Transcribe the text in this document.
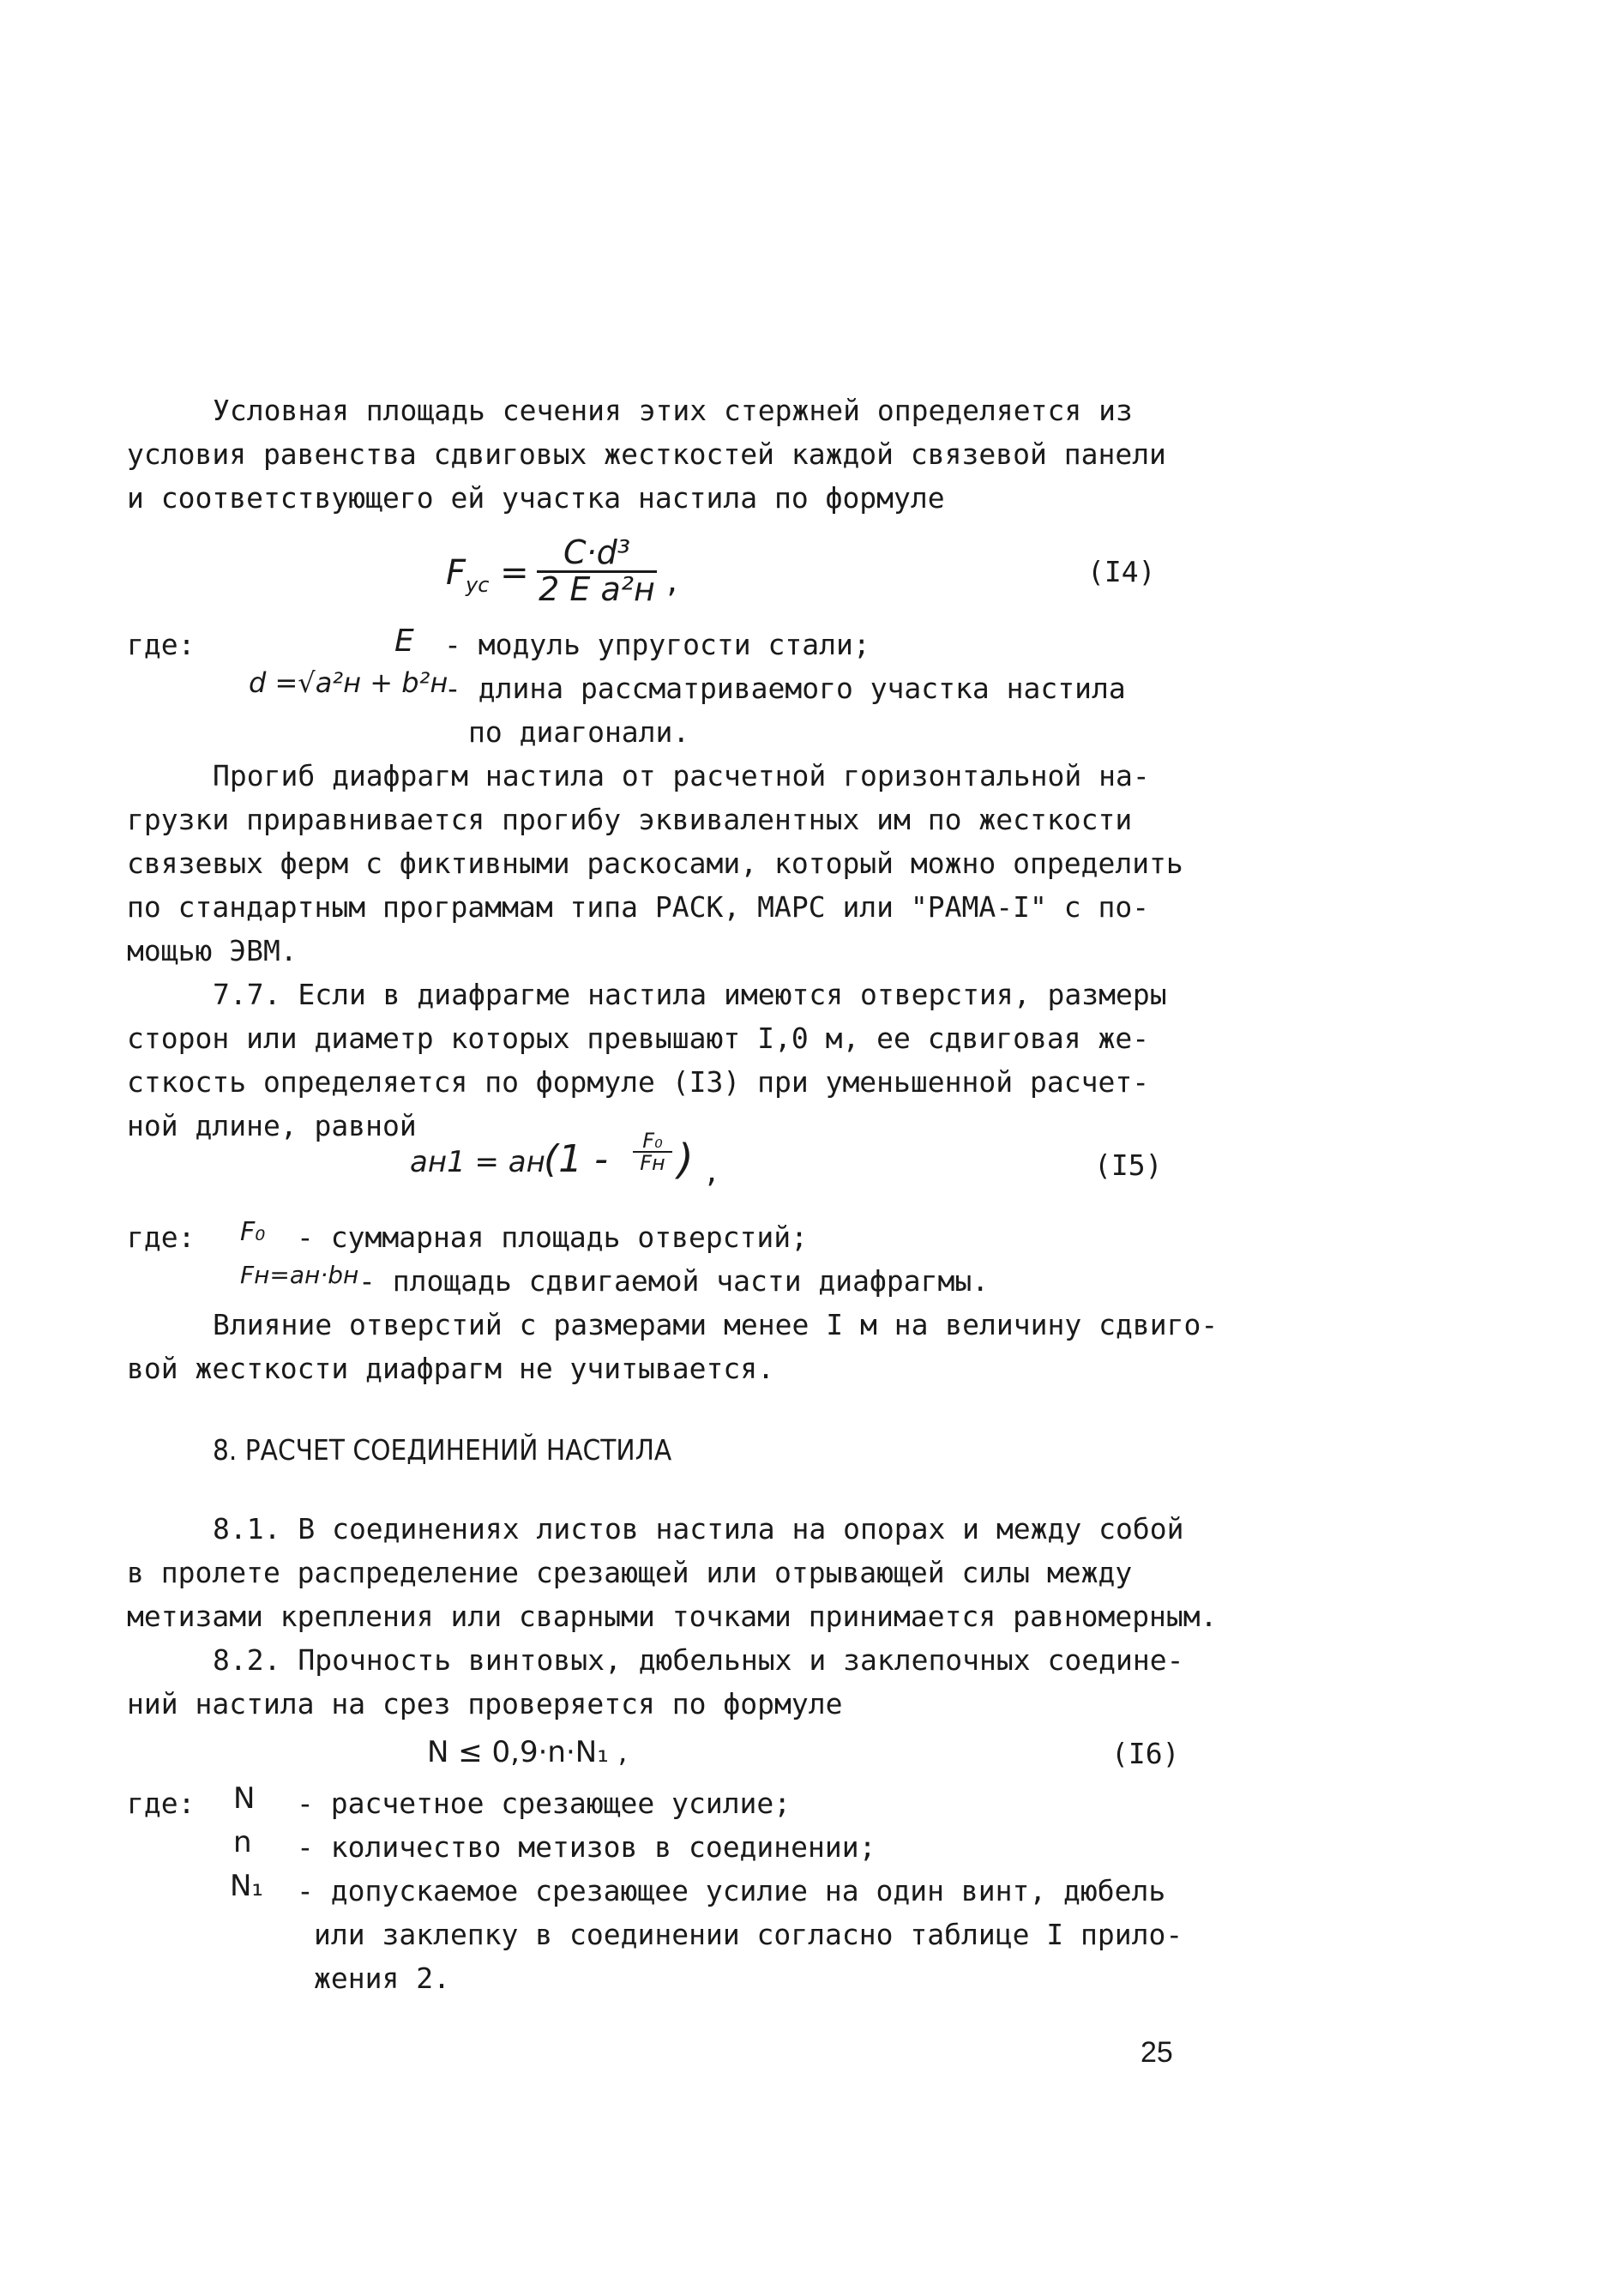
Условная площадь сечения этих стержней определяется из
условия равенства сдвиговых жесткостей каждой связевой панели
и соответствующего ей участка настила по формуле
$F_{ус}$ =
C·d³
2 E a²н ,	(I4)
где:	E - модуль упругости стали;
d =√a²н + b²н
- длина рассматриваемого участка настила
по диагонали.
Прогиб диафрагм настила от расчетной горизонтальной на-
грузки приравнивается прогибу эквивалентных им по жесткости
связевых ферм с фиктивными раскосами, который можно определить
по стандартным программам типа РАСК, МАРС или "РАМА-I" с по-
мощью ЭВМ.
7.7. Если в диафрагме настила имеются отверстия, размеры
сторон или диаметр которых превышают I,0 м, ее сдвиговая же-
сткость определяется по формуле (I3) при уменьшенной расчет-
ной длине, равной
aн1 = aн
(1 -	F₀
Fн ) ,	(I5)
где: F₀ - суммарная площадь отверстий;
Fн=aн·bн - площадь сдвигаемой части диафрагмы.
Влияние отверстий с размерами менее I м на величину сдвиго-
вой жесткости диафрагм не учитывается.
8. РАСЧЕТ СОЕДИНЕНИЙ НАСТИЛА
8.1. В соединениях листов настила на опорах и между собой
в пролете распределение срезающей или отрывающей силы между
метизами крепления или сварными точками принимается равномерным.
8.2. Прочность винтовых, дюбельных и заклепочных соедине-
ний настила на срез проверяется по формуле
N ≤ 0,9·n·N₁ ,	(I6)
где: N - расчетное срезающее усилие;
n - количество метизов в соединении;
N₁ - допускаемое срезающее усилие на один винт, дюбель
или заклепку в соединении согласно таблице I прило-
жения 2.
25
